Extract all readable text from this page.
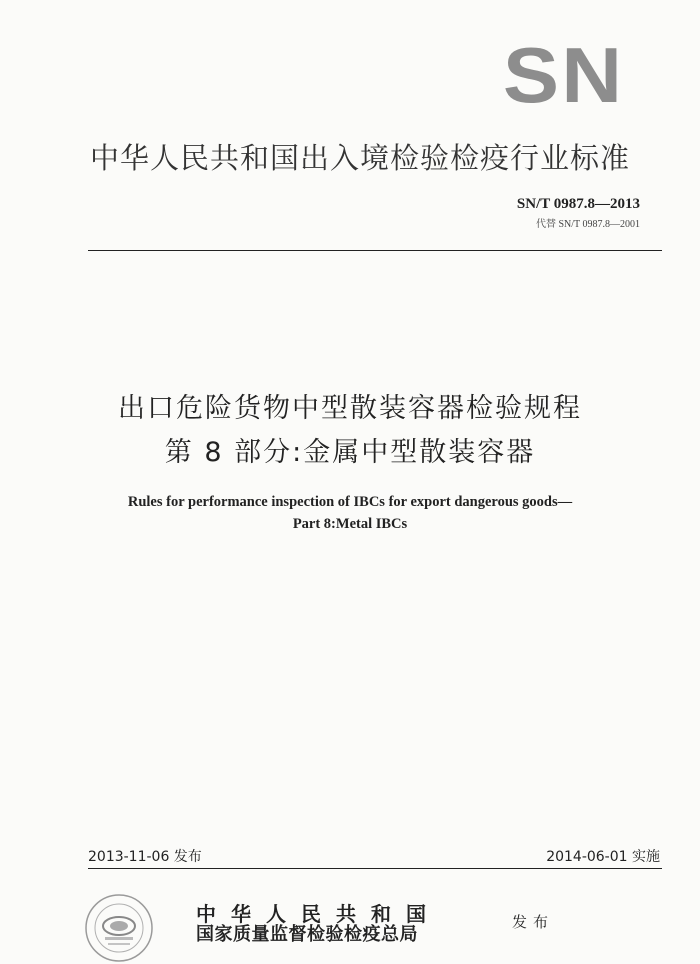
SN
中华人民共和国出入境检验检疫行业标准
SN/T 0987.8—2013
代替 SN/T 0987.8—2001
出口危险货物中型散装容器检验规程
第 8 部分:金属中型散装容器
Rules for performance inspection of IBCs for export dangerous goods—
Part 8:Metal IBCs
2013-11-06 发布	2014-06-01 实施
中华人民共和国
国家质量监督检验检疫总局
发布
